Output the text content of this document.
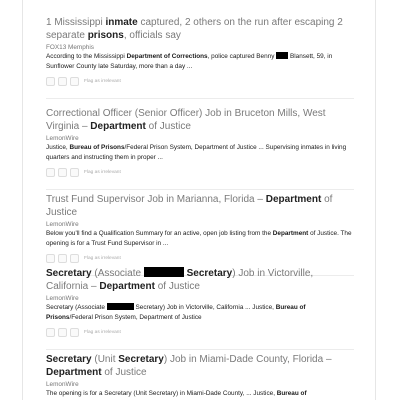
1 Mississippi inmate captured, 2 others on the run after escaping 2 separate prisons, officials say
FOX13 Memphis
According to the Mississippi Department of Corrections, police captured Benny  Blansett, 59, in Sunflower County late Saturday, more than a day ...
Flag as irrelevant
Correctional Officer (Senior Officer) Job in Bruceton Mills, West Virginia – Department of Justice
LemonWire
Justice, Bureau of Prisons/Federal Prison System, Department of Justice ... Supervising inmates in living quarters and instructing them in proper ...
Flag as irrelevant
Trust Fund Supervisor Job in Marianna, Florida – Department of Justice
LemonWire
Below you'll find a Qualification Summary for an active, open job listing from the Department of Justice. The opening is for a Trust Fund Supervisor in ...
Flag as irrelevant
Secretary (Associate	Secretary) Job in Victorville, California – Department of Justice
LemonWire
Secretary (Associate	Secretary) Job in Victorville, California ... Justice, Bureau of Prisons/Federal Prison System, Department of Justice
Flag as irrelevant
Secretary (Unit Secretary) Job in Miami-Dade County, Florida – Department of Justice
LemonWire
The opening is for a Secretary (Unit Secretary) in Miami-Dade County, ... Justice, Bureau of
